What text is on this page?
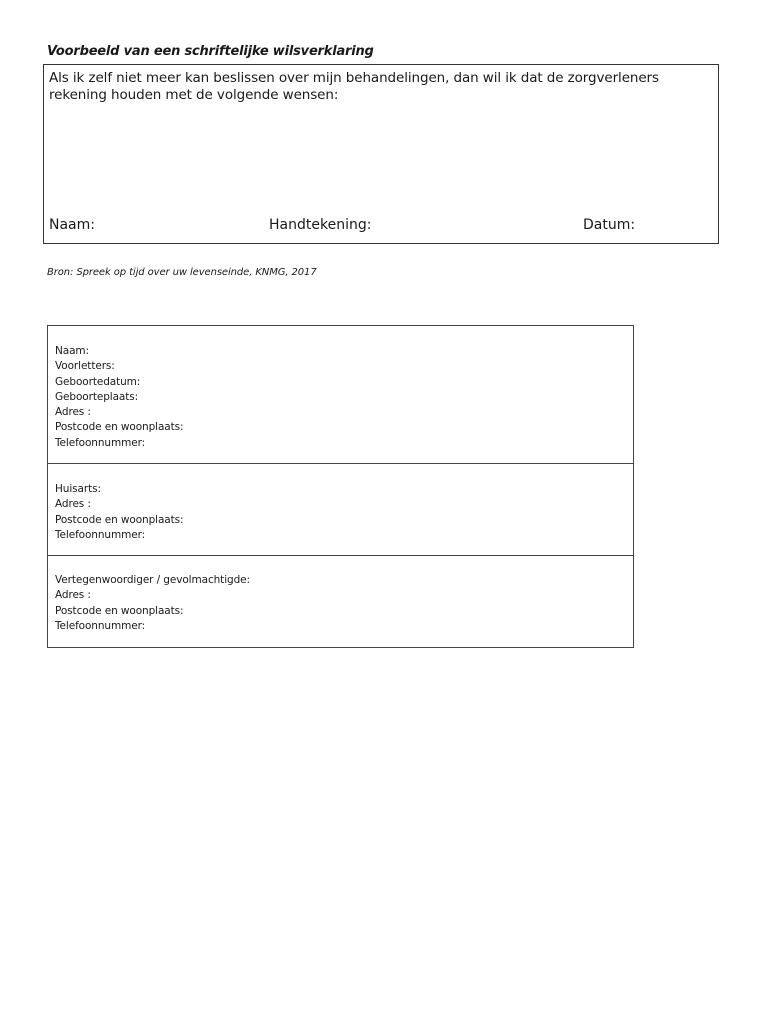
Voorbeeld van een schriftelijke wilsverklaring
Als ik zelf niet meer kan beslissen over mijn behandelingen, dan wil ik dat de zorgverleners
rekening houden met de volgende wensen:
Naam:	Handtekening:	Datum:
Bron: Spreek op tijd over uw levenseinde, KNMG, 2017
Naam:
Voorletters:
Geboortedatum:
Geboorteplaats:
Adres :
Postcode en woonplaats:
Telefoonnummer:
Huisarts:
Adres :
Postcode en woonplaats:
Telefoonnummer:
Vertegenwoordiger / gevolmachtigde:
Adres :
Postcode en woonplaats:
Telefoonnummer:
